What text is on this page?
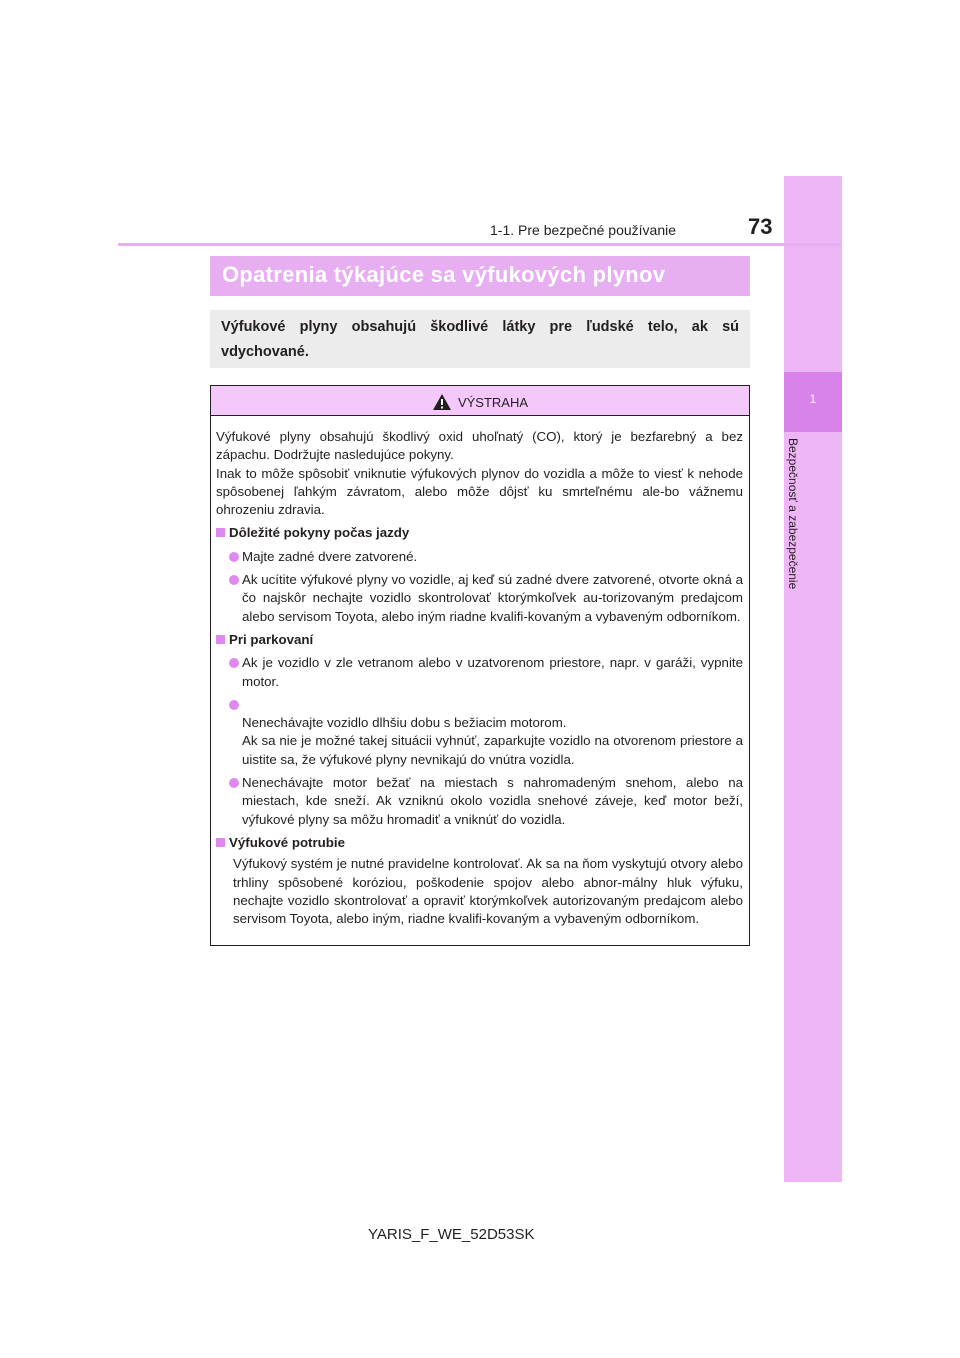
1
Bezpečnosť a zabezpečenie
1-1. Pre bezpečné používanie	73
Opatrenia týkajúce sa výfukových plynov

Výfukové plyny obsahujú škodlivé látky pre ľudské telo, ak sú vdychované.

VÝSTRAHA

Výfukové plyny obsahujú škodlivý oxid uhoľnatý (CO), ktorý je bezfarebný a bez zápachu. Dodržujte nasledujúce pokyny.

Inak to môže spôsobiť vniknutie výfukových plynov do vozidla a môže to viesť k nehode spôsobenej ľahkým závratom, alebo môže dôjsť ku smrteľnému ale-bo vážnemu ohrozeniu zdravia.

Dôležité pokyny počas jazdy
Majte zadné dvere zatvorené.
Ak ucítite výfukové plyny vo vozidle, aj keď sú zadné dvere zatvorené, otvorte okná a čo najskôr nechajte vozidlo skontrolovať ktorýmkoľvek au-torizovaným predajcom alebo servisom Toyota, alebo iným riadne kvalifi-kovaným a vybaveným odborníkom.
Pri parkovaní
Ak je vozidlo v zle vetranom alebo v uzatvorenom priestore, napr. v garáži, vypnite motor.

Nenechávajte vozidlo dlhšiu dobu s bežiacim motorom.
Ak sa nie je možné takej situácii vyhnúť, zaparkujte vozidlo na otvorenom priestore a uistite sa, že výfukové plyny nevnikajú do vnútra vozidla.

Nenechávajte motor bežať na miestach s nahromadeným snehom, alebo na miestach, kde sneží. Ak vzniknú okolo vozidla snehové záveje, keď motor beží, výfukové plyny sa môžu hromadiť a vniknúť do vozidla.
Výfukové potrubie

Výfukový systém je nutné pravidelne kontrolovať. Ak sa na ňom vyskytujú otvory alebo trhliny spôsobené koróziou, poškodenie spojov alebo abnor-málny hluk výfuku, nechajte vozidlo skontrolovať a opraviť ktorýmkoľvek autorizovaným predajcom alebo servisom Toyota, alebo iným, riadne kvalifi-kovaným a vybaveným odborníkom.

YARIS_F_WE_52D53SK
